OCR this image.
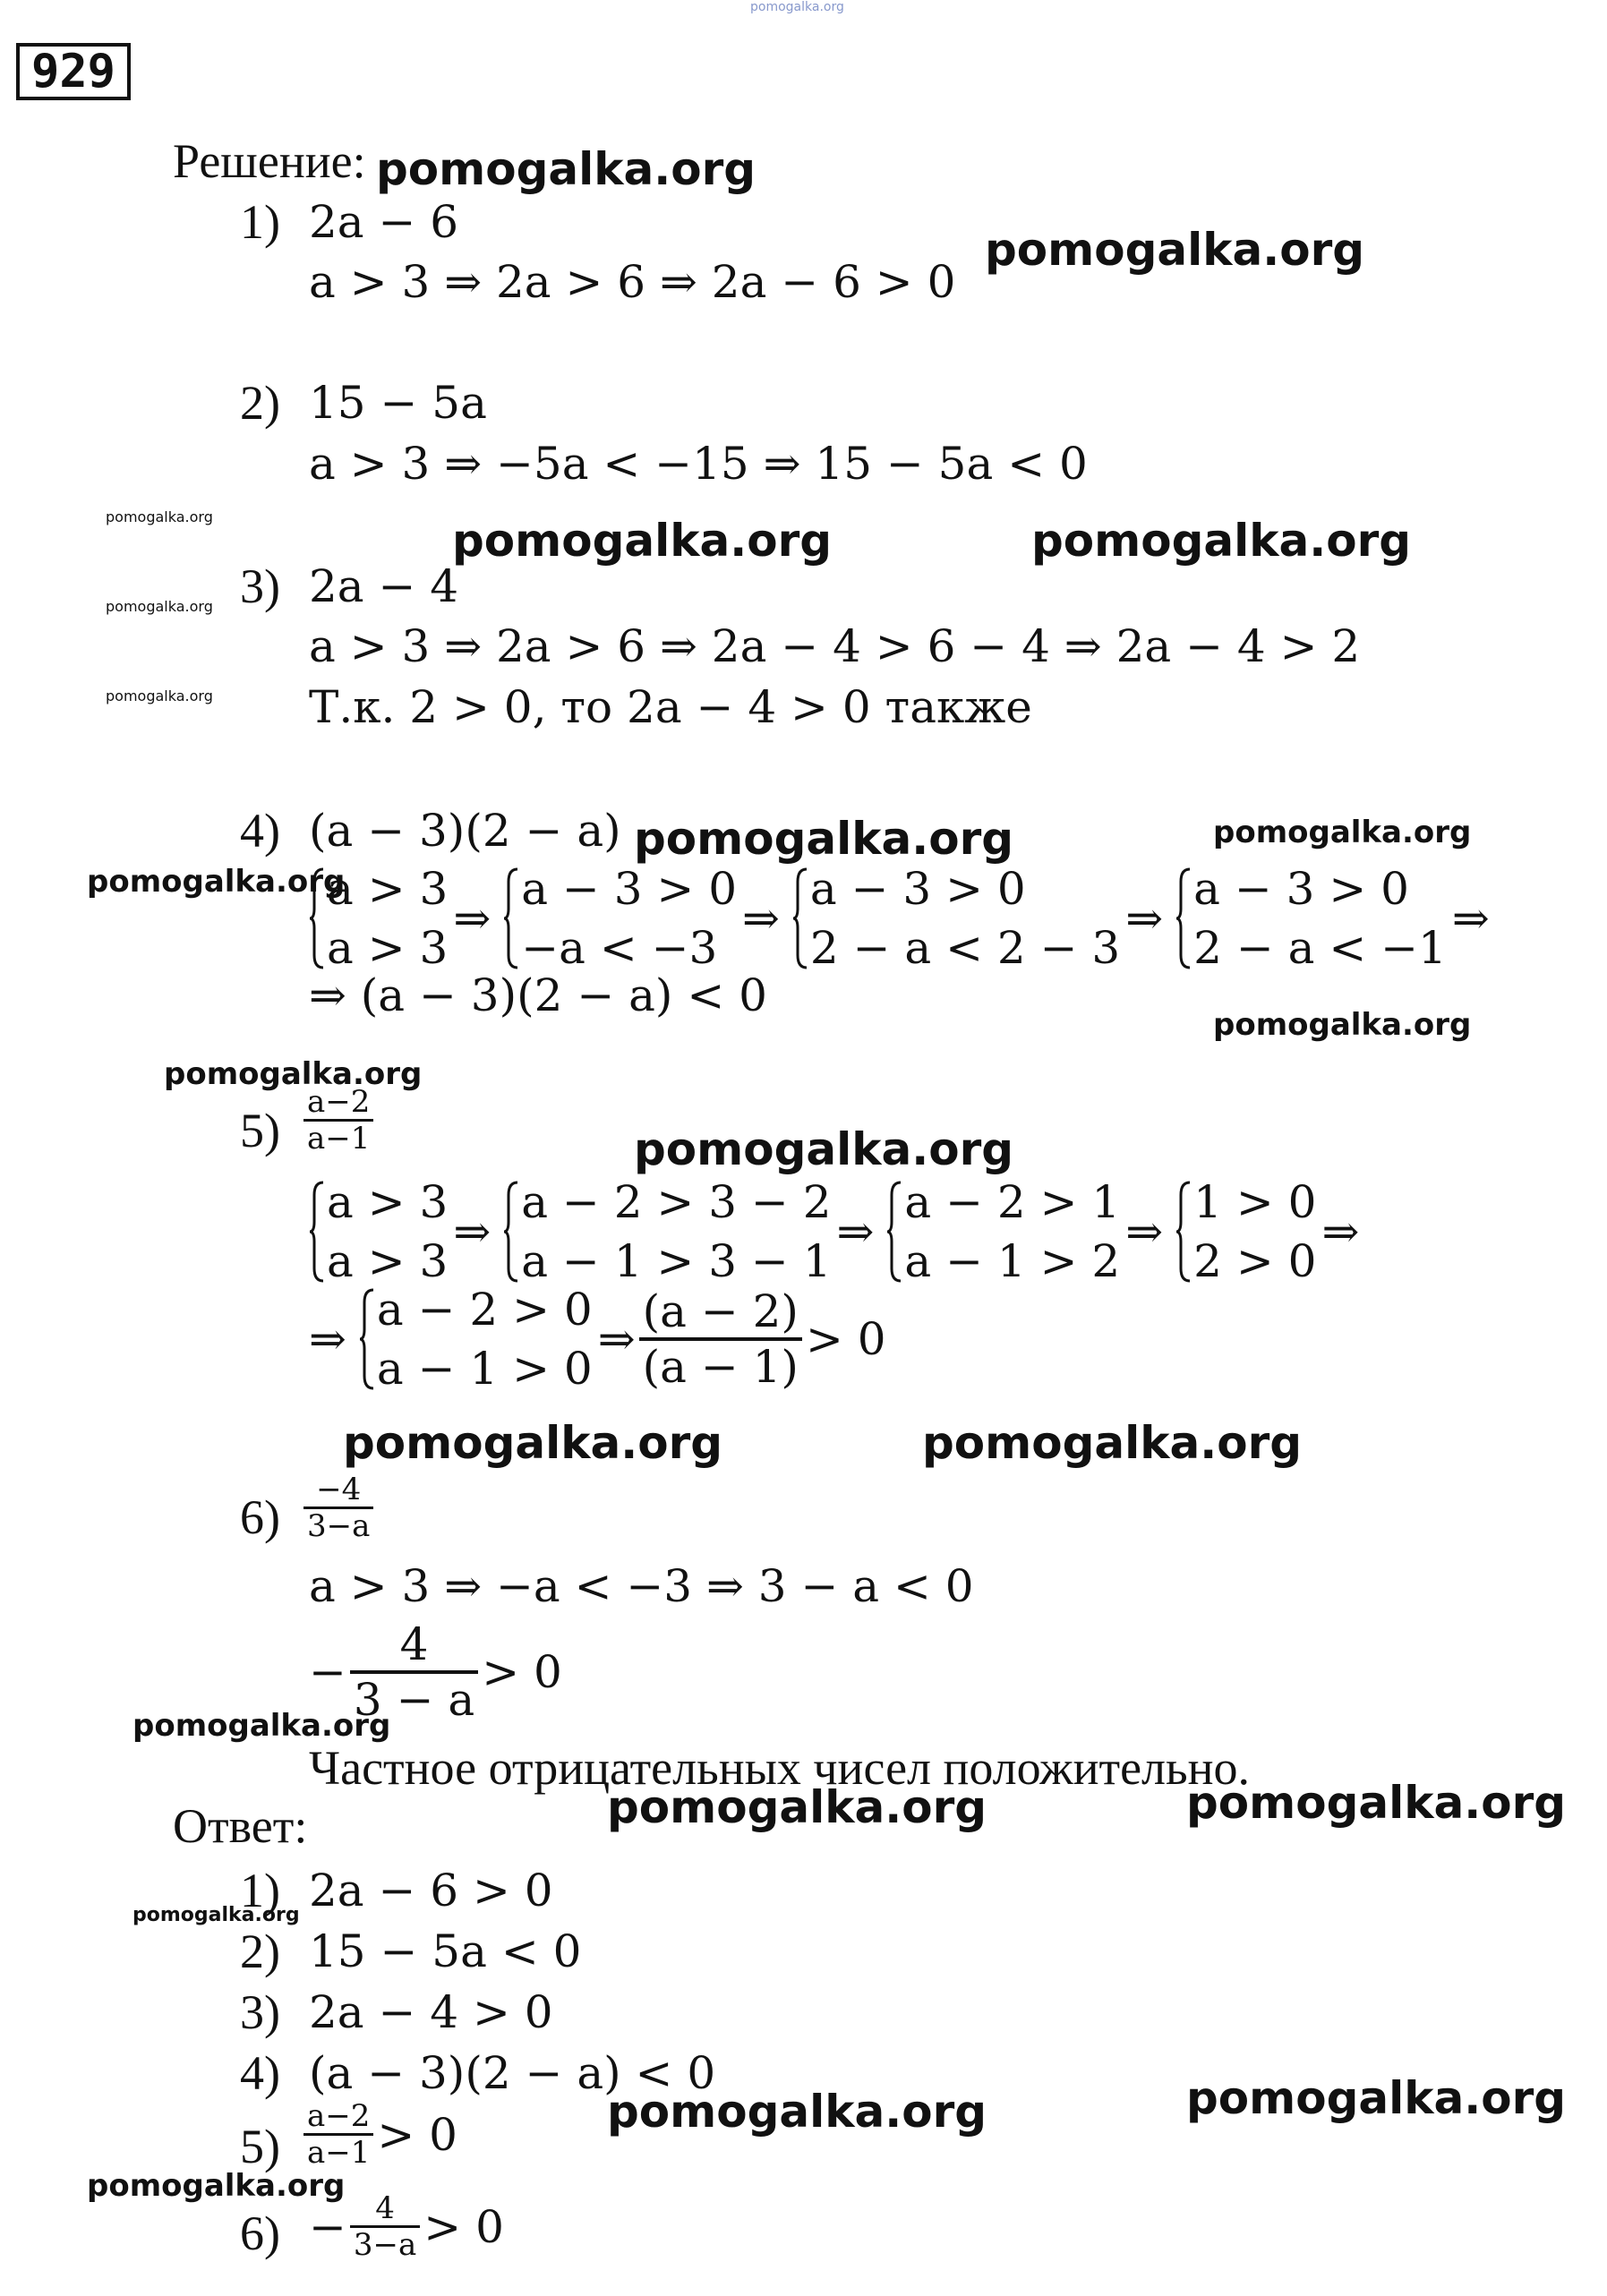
pomogalka.org
929
Решение: pomogalka.org
1) 2a − 6
a > 3 ⇒ 2a > 6 ⇒ 2a − 6 > 0
pomogalka.org
2) 15 − 5a
a > 3 ⇒ −5a < −15 ⇒ 15 − 5a < 0
pomogalka.org
pomogalka.org
pomogalka.org
pomogalka.org	pomogalka.org
3) 2a − 4
a > 3 ⇒ 2a > 6 ⇒ 2a − 4 > 6 − 4 ⇒ 2a − 4 > 2
Т.к. 2 > 0, то 2a − 4 > 0 также
4) (a − 3)(2 − a) pomogalka.org	pomogalka.org
pomogalka.org
a > 3
a > 3
⇒
a − 3 > 0
−a < −3
⇒
a − 3 > 0
2 − a < 2 − 3
⇒
a − 3 > 0
2 − a < −1
⇒
⇒ (a − 3)(2 − a) < 0
pomogalka.org
pomogalka.org
$5) \frac{a-2}{a-1}$	pomogalka.org
a > 3
a > 3
⇒
a − 2 > 3 − 2
a − 1 > 3 − 1
⇒
a − 2 > 1
a − 1 > 2
⇒
1 > 0
2 > 0
⇒
⇒
a − 2 > 0
a − 1 > 0
⇒ $\frac{(a - 2)}{(a - 1)} > 0$
pomogalka.org	pomogalka.org
$6) \frac{-4}{3-a}$
a > 3 ⇒ −a < −3 ⇒ 3 − a < 0
− $\frac{4}{3 - a} > 0$
pomogalka.org
Частное отрицательных чисел положительно.
Ответ:	pomogalka.org	pomogalka.org
1) 2a − 6 > 0
pomogalka.org
2) 15 − 5a < 0
3) 2a − 4 > 0
4) (a − 3)(2 − a) < 0
pomogalka.org	pomogalka.org
$5) \frac{a-2}{a-1} > 0$
pomogalka.org
$6) - \frac{4}{3-a} > 0$
